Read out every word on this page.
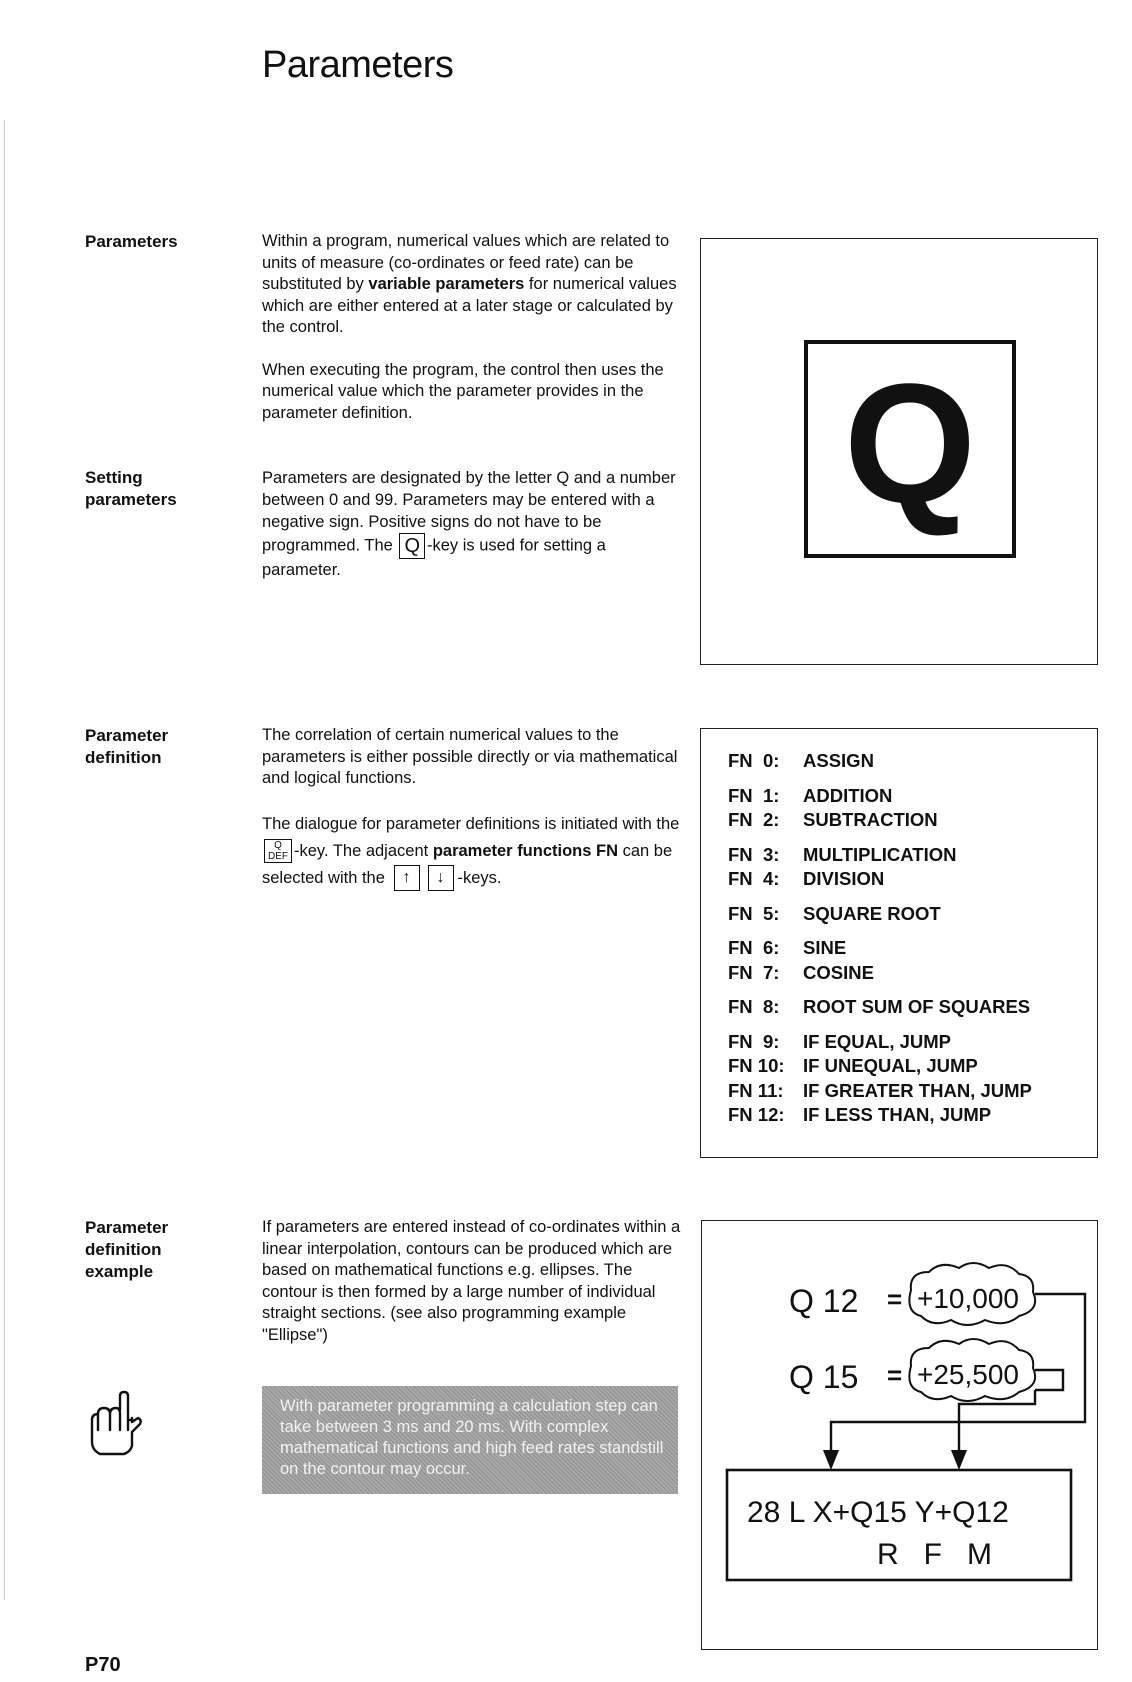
Parameters
Parameters	Within a program, numerical values which are related to units of measure (co-ordinates or feed rate) can be substituted by variable parameters for numerical values which are either entered at a later stage or calculated by the control.

When executing the program, the control then uses the numerical value which the parameter provides in the parameter definition.	Q
Setting
parameters
Parameters are designated by the letter Q and a number between 0 and 99. Parameters may be entered with a negative sign. Positive signs do not have to be programmed. The Q -key is used for setting a parameter.
Parameter
definition

The correlation of certain numerical values to the parameters is either possible directly or via mathematical and logical functions.

The dialogue for parameter definitions is initiated with the Q
DEF -key. The adjacent parameter functions FN can be selected with the ↑ ↓ -keys.

FN  0:	ASSIGN
FN  1:	ADDITION
FN  2:	SUBTRACTION
FN  3:	MULTIPLICATION
FN  4:	DIVISION
FN  5:	SQUARE ROOT
FN  6:	SINE
FN  7:	COSINE
FN  8:	ROOT SUM OF SQUARES
FN  9:	IF EQUAL, JUMP
FN 10: IF UNEQUAL, JUMP
FN 11:	IF GREATER THAN, JUMP
FN 12: IF LESS THAN, JUMP
Parameter
definition
example
If parameters are entered instead of co-ordinates within a linear interpolation, contours can be produced which are based on mathematical functions e.g. ellipses. The contour is then formed by a large number of individual straight sections. (see also programming example "Ellipse")
With parameter programming a calculation step can take between 3 ms and 20 ms. With complex mathematical functions and high feed rates standstill on the contour may occur.
Q 12 = +10,000
Q 15 = +25,500
28 L X+Q15 Y+Q12
R   F   M
P70
